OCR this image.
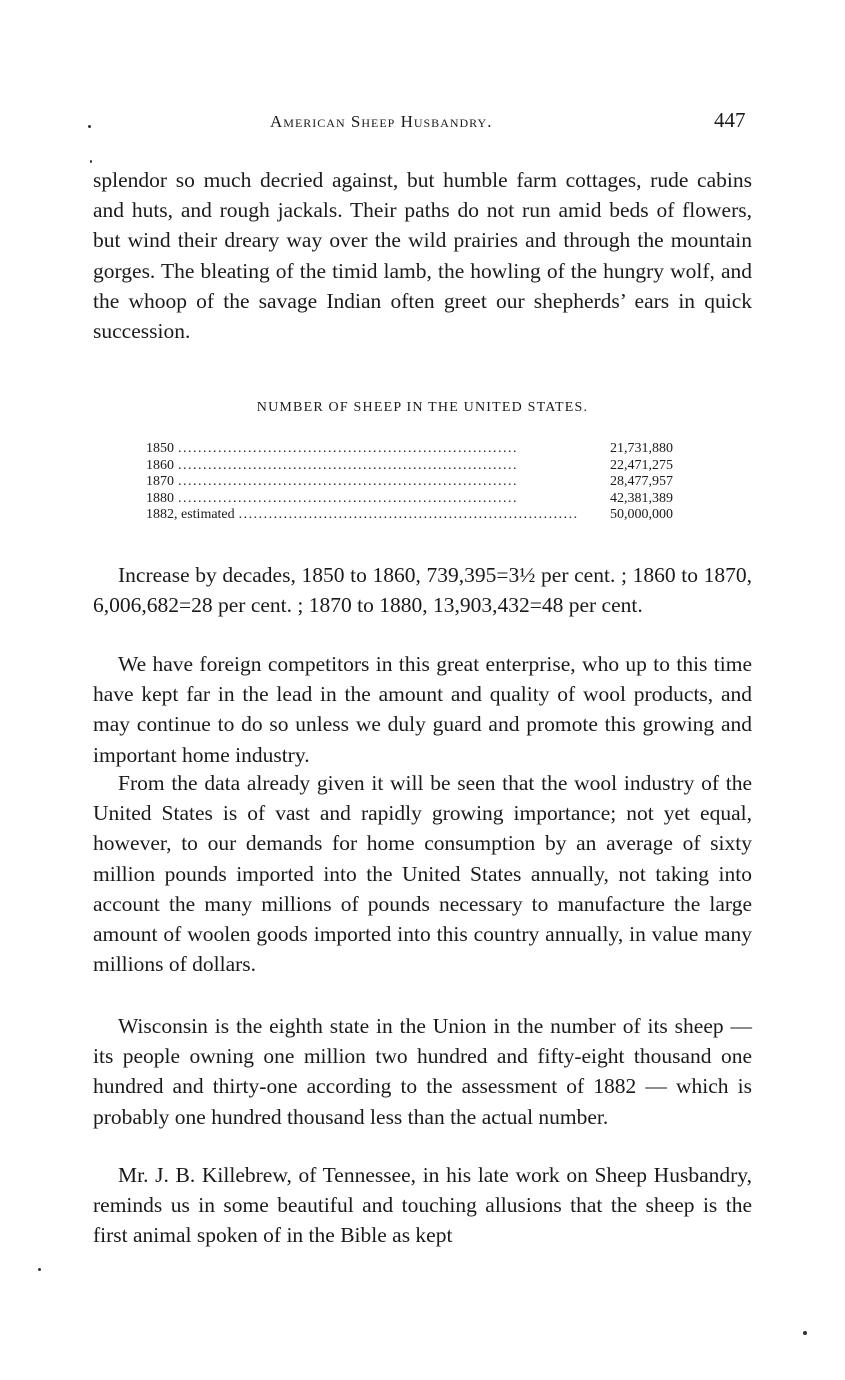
American Sheep Husbandry.	447

splendor so much decried against, but humble farm cottages, rude cabins and huts, and rough jackals. Their paths do not run amid beds of flowers, but wind their dreary way over the wild prairies and through the mountain gorges. The bleating of the timid lamb, the howling of the hungry wolf, and the whoop of the savage Indian often greet our shepherds’ ears in quick succession.

NUMBER OF SHEEP IN THE UNITED STATES.
1850 . . .	21,731,880
1860 . . .	22,471,275
1870 . . .	28,477,957
1880 . . .	42,381,389
1882, estimated . . .	50,000,000

Increase by decades, 1850 to 1860, 739,395=3½ per cent. ; 1860 to 1870, 6,006,682=28 per cent. ; 1870 to 1880, 13,903,432=48 per cent.

We have foreign competitors in this great enterprise, who up to this time have kept far in the lead in the amount and quality of wool products, and may continue to do so unless we duly guard and promote this growing and important home industry.

From the data already given it will be seen that the wool industry of the United States is of vast and rapidly growing importance; not yet equal, however, to our demands for home consumption by an average of sixty million pounds imported into the United States annually, not taking into account the many millions of pounds necessary to manufacture the large amount of woolen goods imported into this country annually, in value many millions of dollars.

Wisconsin is the eighth state in the Union in the number of its sheep — its people owning one million two hundred and fifty-eight thousand one hundred and thirty-one according to the assessment of 1882 — which is probably one hundred thousand less than the actual number.

Mr. J. B. Killebrew, of Tennessee, in his late work on Sheep Husbandry, reminds us in some beautiful and touching allusions that the sheep is the first animal spoken of in the Bible as kept
